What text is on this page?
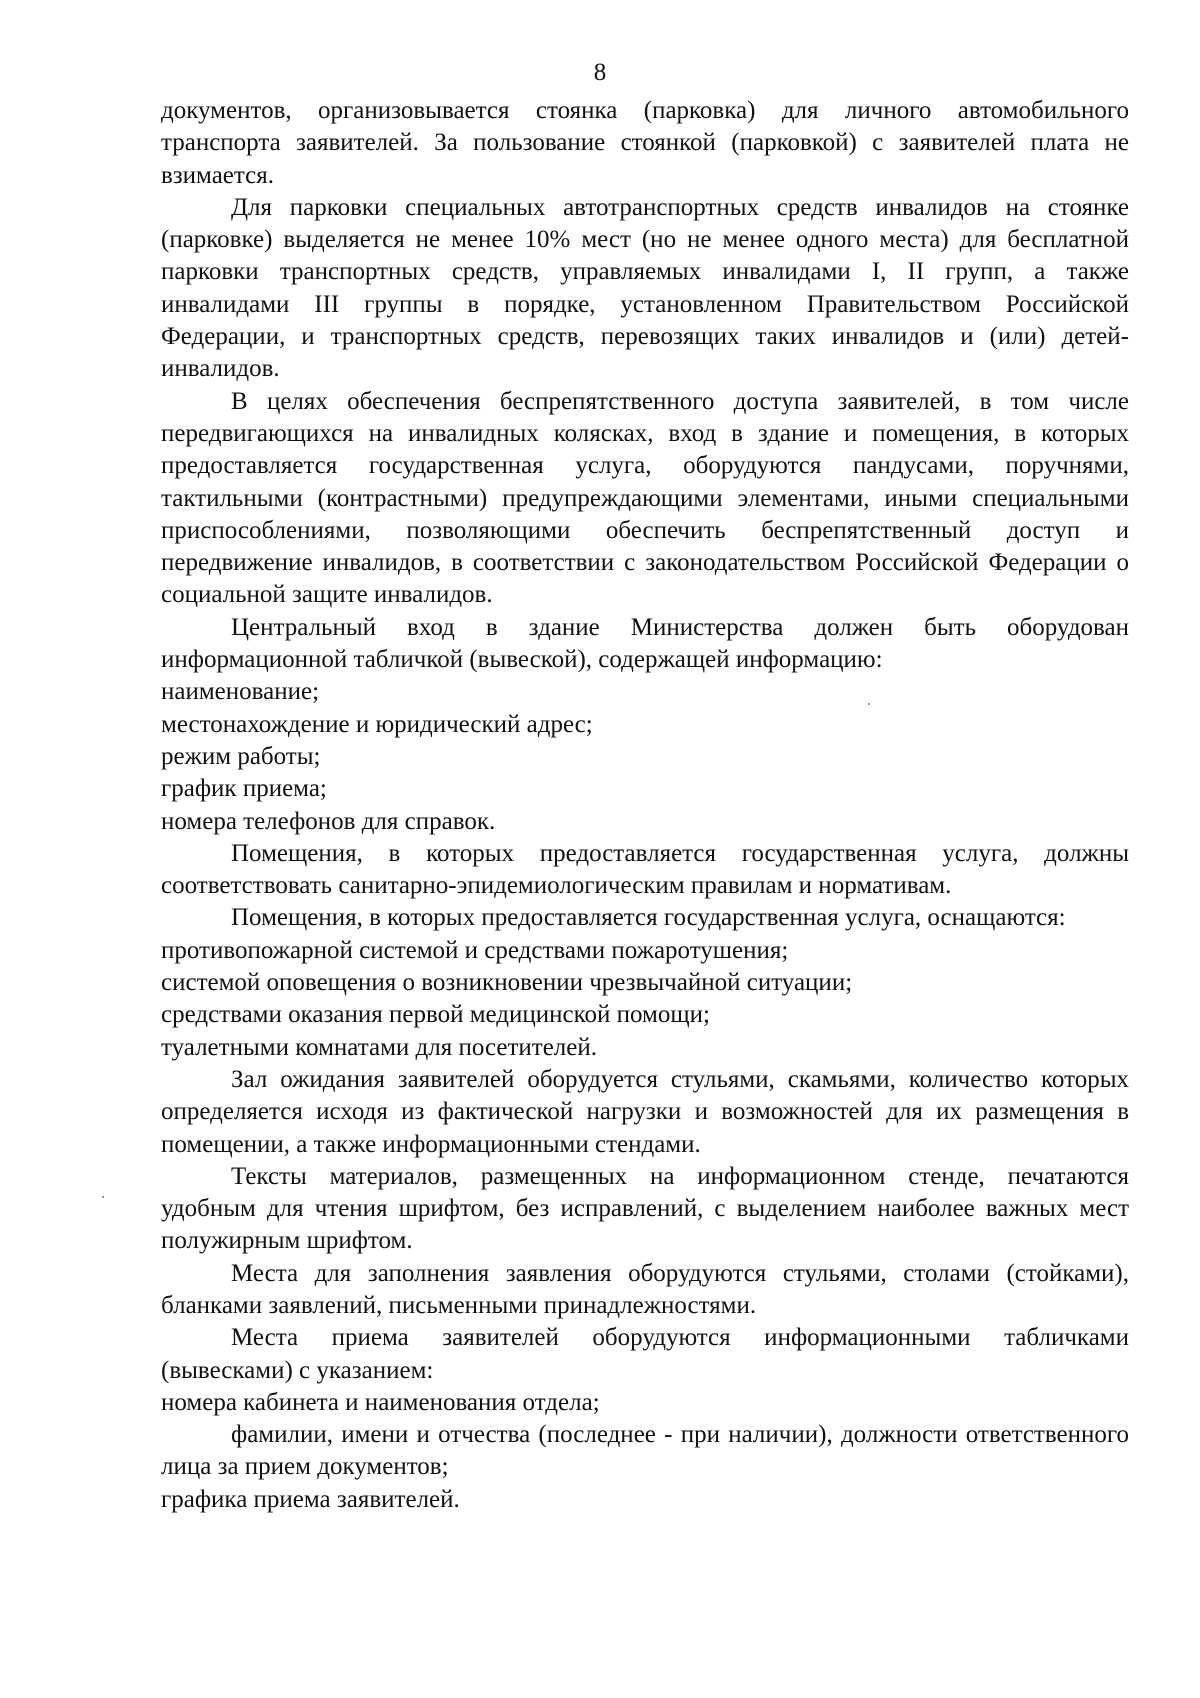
8

документов, организовывается стоянка (парковка) для личного автомобильного транспорта заявителей. За пользование стоянкой (парковкой) с заявителей плата не взимается.

Для парковки специальных автотранспортных средств инвалидов на стоянке (парковке) выделяется не менее 10% мест (но не менее одного места) для бесплатной парковки транспортных средств, управляемых инвалидами I, II групп, а также инвалидами III группы в порядке, установленном Правительством Российской Федерации, и транспортных средств, перевозящих таких инвалидов и (или) детей-инвалидов.

В целях обеспечения беспрепятственного доступа заявителей, в том числе передвигающихся на инвалидных колясках, вход в здание и помещения, в которых предоставляется государственная услуга, оборудуются пандусами, поручнями, тактильными (контрастными) предупреждающими элементами, иными специальными приспособлениями, позволяющими обеспечить беспрепятственный доступ и передвижение инвалидов, в соответствии с законодательством Российской Федерации о социальной защите инвалидов.

Центральный вход в здание Министерства должен быть оборудован информационной табличкой (вывеской), содержащей информацию:

наименование;

местонахождение и юридический адрес;

режим работы;

график приема;

номера телефонов для справок.

Помещения, в которых предоставляется государственная услуга, должны соответствовать санитарно-эпидемиологическим правилам и нормативам.

Помещения, в которых предоставляется государственная услуга, оснащаются:

противопожарной системой и средствами пожаротушения;

системой оповещения о возникновении чрезвычайной ситуации;

средствами оказания первой медицинской помощи;

туалетными комнатами для посетителей.

Зал ожидания заявителей оборудуется стульями, скамьями, количество которых определяется исходя из фактической нагрузки и возможностей для их размещения в помещении, а также информационными стендами.

Тексты материалов, размещенных на информационном стенде, печатаются удобным для чтения шрифтом, без исправлений, с выделением наиболее важных мест полужирным шрифтом.

Места для заполнения заявления оборудуются стульями, столами (стойками), бланками заявлений, письменными принадлежностями.

Места приема заявителей оборудуются информационными табличками (вывесками) с указанием:

номера кабинета и наименования отдела;

фамилии, имени и отчества (последнее - при наличии), должности ответственного лица за прием документов;

графика приема заявителей.
